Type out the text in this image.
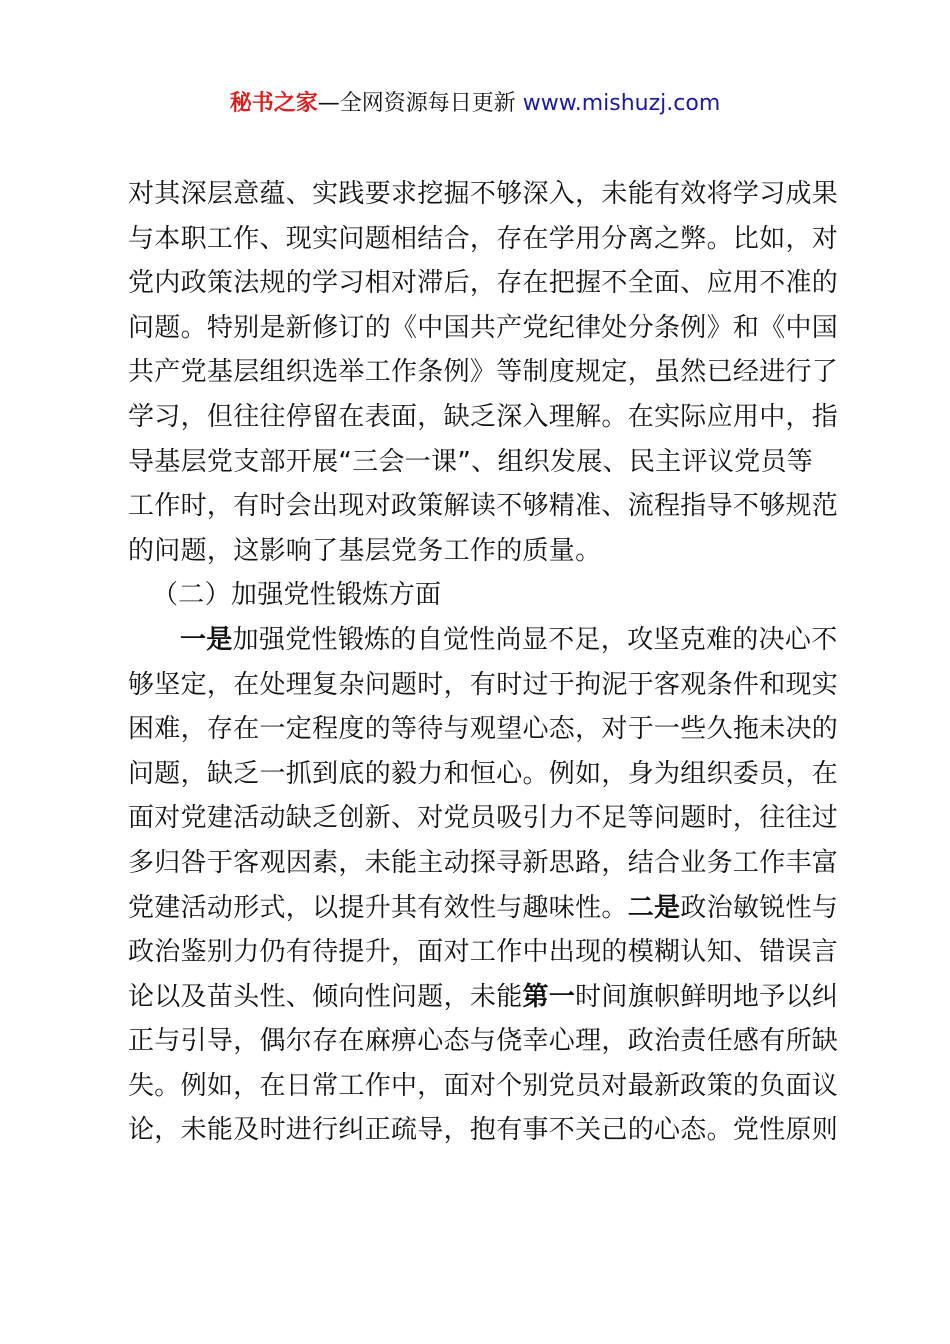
秘书之家—全网资源每日更新 www.mishuzj.com
对其深层意蕴、实践要求挖掘不够深入，未能有效将学习成果
与本职工作、现实问题相结合，存在学用分离之弊。比如，对
党内政策法规的学习相对滞后，存在把握不全面、应用不准的
问题。特别是新修订的《中国共产党纪律处分条例》和《中国
共产党基层组织选举工作条例》等制度规定，虽然已经进行了
学习，但往往停留在表面，缺乏深入理解。在实际应用中，指
导基层党支部开展“三会一课”、组织发展、民主评议党员等
工作时，有时会出现对政策解读不够精准、流程指导不够规范
的问题，这影响了基层党务工作的质量。
（二）加强党性锻炼方面
一是加强党性锻炼的自觉性尚显不足，攻坚克难的决心不
够坚定，在处理复杂问题时，有时过于拘泥于客观条件和现实
困难，存在一定程度的等待与观望心态，对于一些久拖未决的
问题，缺乏一抓到底的毅力和恒心。例如，身为组织委员，在
面对党建活动缺乏创新、对党员吸引力不足等问题时，往往过
多归咎于客观因素，未能主动探寻新思路，结合业务工作丰富
党建活动形式，以提升其有效性与趣味性。二是政治敏锐性与
政治鉴别力仍有待提升，面对工作中出现的模糊认知、错误言
论以及苗头性、倾向性问题，未能第一时间旗帜鲜明地予以纠
正与引导，偶尔存在麻痹心态与侥幸心理，政治责任感有所缺
失。例如，在日常工作中，面对个别党员对最新政策的负面议
论，未能及时进行纠正疏导，抱有事不关己的心态。党性原则
